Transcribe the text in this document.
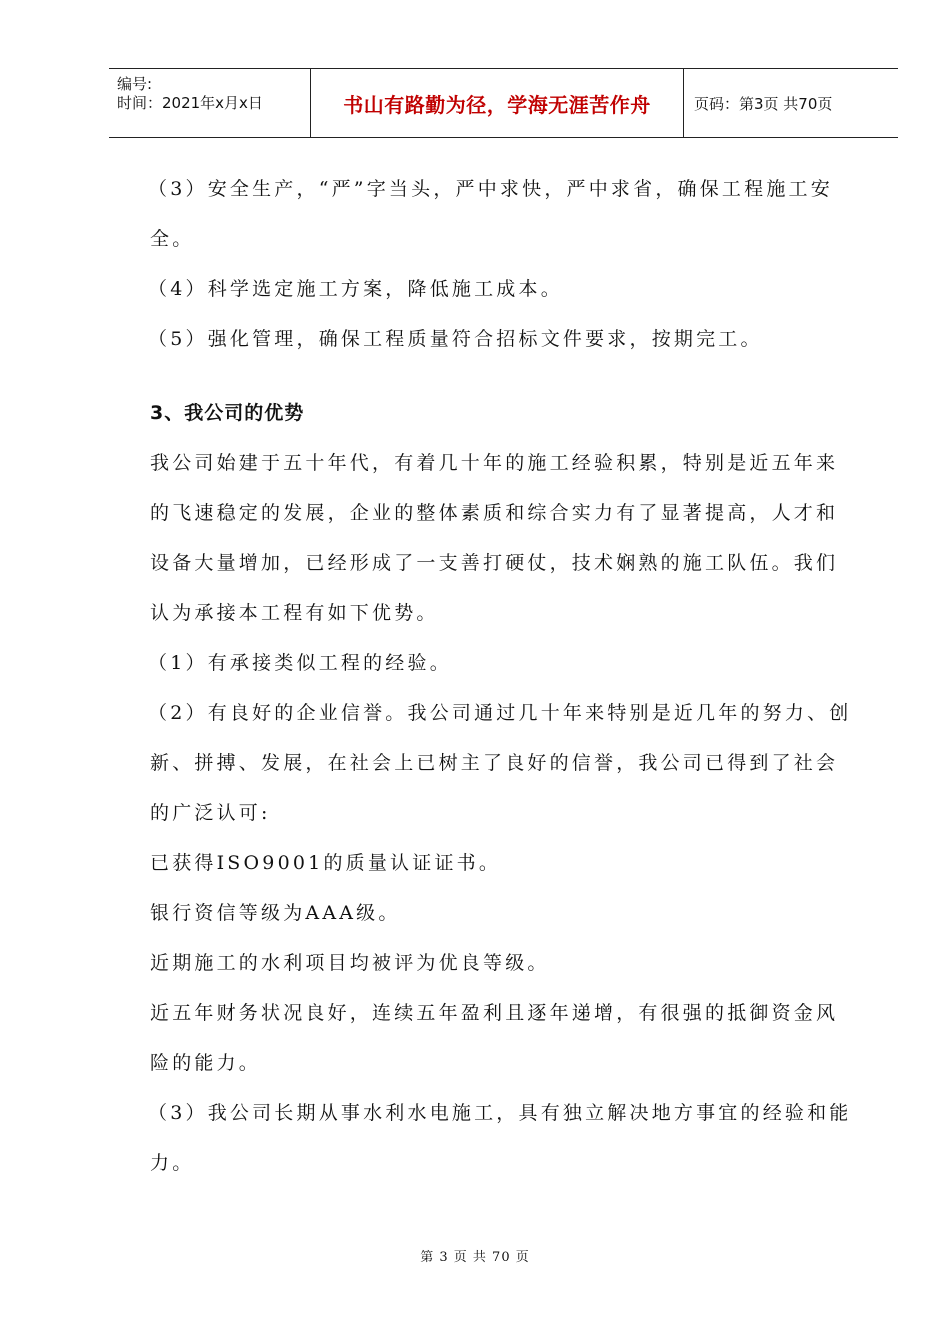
编号:
时间：2021年x月x日	书山有路勤为径，学海无涯苦作舟	页码：第3页 共70页

（3）安全生产，“严”字当头，严中求快，严中求省，确保工程施工安

全。

（4）科学选定施工方案，降低施工成本。

（5）强化管理，确保工程质量符合招标文件要求，按期完工。

3、我公司的优势

我公司始建于五十年代，有着几十年的施工经验积累，特别是近五年来

的飞速稳定的发展，企业的整体素质和综合实力有了显著提高，人才和

设备大量增加，已经形成了一支善打硬仗，技术娴熟的施工队伍。我们

认为承接本工程有如下优势。

（1）有承接类似工程的经验。

（2）有良好的企业信誉。我公司通过几十年来特别是近几年的努力、创

新、拼搏、发展，在社会上已树主了良好的信誉，我公司已得到了社会

的广泛认可:

已获得ISO9001的质量认证证书。

银行资信等级为AAA级。

近期施工的水利项目均被评为优良等级。

近五年财务状况良好，连续五年盈利且逐年递增，有很强的抵御资金风

险的能力。

（3）我公司长期从事水利水电施工，具有独立解决地方事宜的经验和能

力。

第 3 页 共 70 页
